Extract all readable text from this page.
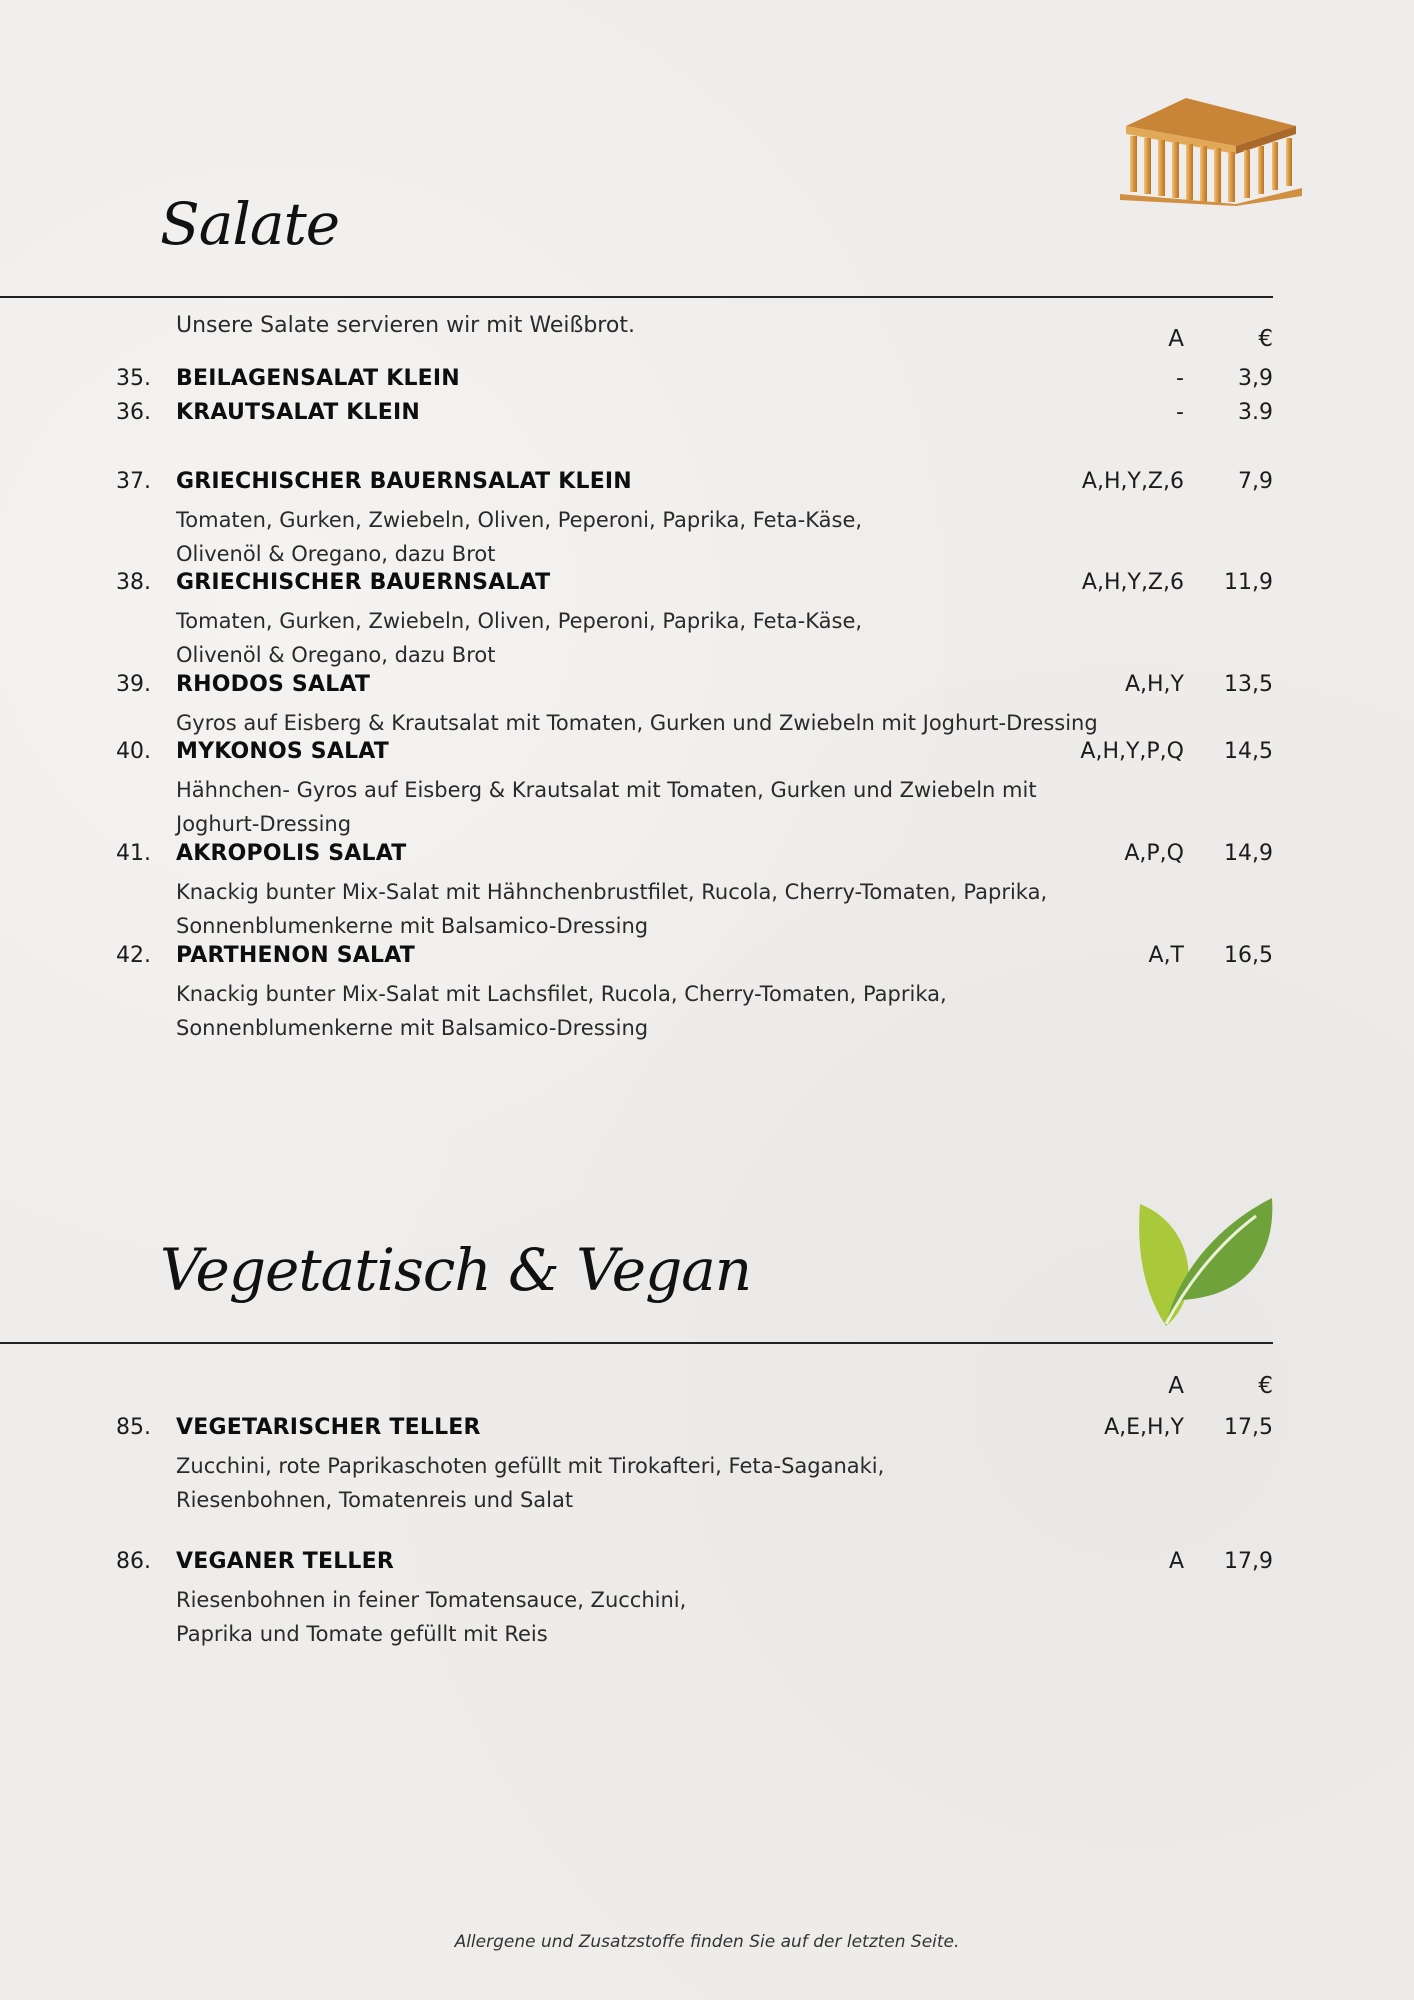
Salate
Unsere Salate servieren wir mit Weißbrot.
A	€
35. BEILAGENSALAT KLEIN	- 3,9
36. KRAUTSALAT KLEIN	- 3.9
37. GRIECHISCHER BAUERNSALAT KLEIN	A,H,Y,Z,6 7,9
Tomaten, Gurken, Zwiebeln, Oliven, Peperoni, Paprika, Feta-Käse,
Olivenöl & Oregano, dazu Brot
38. GRIECHISCHER BAUERNSALAT	A,H,Y,Z,6 11,9
Tomaten, Gurken, Zwiebeln, Oliven, Peperoni, Paprika, Feta-Käse,
Olivenöl & Oregano, dazu Brot
39. RHODOS SALAT	A,H,Y 13,5
Gyros auf Eisberg & Krautsalat mit Tomaten, Gurken und Zwiebeln mit Joghurt-Dressing
40. MYKONOS SALAT	A,H,Y,P,Q 14,5
Hähnchen- Gyros auf Eisberg & Krautsalat mit Tomaten, Gurken und Zwiebeln mit
Joghurt-Dressing
41. AKROPOLIS SALAT	A,P,Q 14,9
Knackig bunter Mix-Salat mit Hähnchenbrustfilet, Rucola, Cherry-Tomaten, Paprika,
Sonnenblumenkerne mit Balsamico-Dressing
42. PARTHENON SALAT	A,T 16,5
Knackig bunter Mix-Salat mit Lachsfilet, Rucola, Cherry-Tomaten, Paprika,
Sonnenblumenkerne mit Balsamico-Dressing
Vegetatisch & Vegan
A	€
85. VEGETARISCHER TELLER	A,E,H,Y 17,5
Zucchini, rote Paprikaschoten gefüllt mit Tirokafteri, Feta-Saganaki,
Riesenbohnen, Tomatenreis und Salat
86. VEGANER TELLER	A 17,9
Riesenbohnen in feiner Tomatensauce, Zucchini,
Paprika und Tomate gefüllt mit Reis
Allergene und Zusatzstoffe finden Sie auf der letzten Seite.
